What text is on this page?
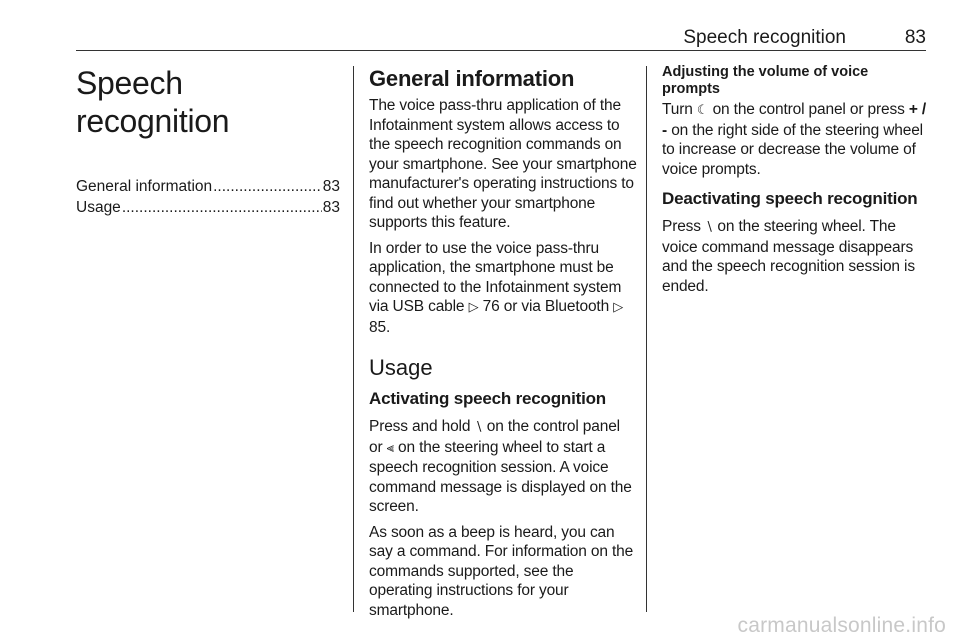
Speech recognition	83
Speech recognition
General information .....	83
Usage .....	83
General information

The voice pass-thru application of the Infotainment system allows access to the speech recognition commands on your smartphone. See your smartphone manufacturer's operating instructions to find out whether your smartphone supports this feature.

In order to use the voice pass-thru application, the smartphone must be connected to the Infotainment system via USB cable ▷ 76 or via Bluetooth ▷ 85.

Usage
Activating speech recognition

Press and hold ∖ on the control panel or ⫷ on the steering wheel to start a speech recognition session. A voice command message is displayed on the screen.

As soon as a beep is heard, you can say a command. For information on the commands supported, see the operating instructions for your smartphone.

Adjusting the volume of voice prompts

Turn ☾ on the control panel or press + / - on the right side of the steering wheel to increase or decrease the volume of voice prompts.

Deactivating speech recognition

Press ∖ on the steering wheel. The voice command message disappears and the speech recognition session is ended.

carmanualsonline.info
